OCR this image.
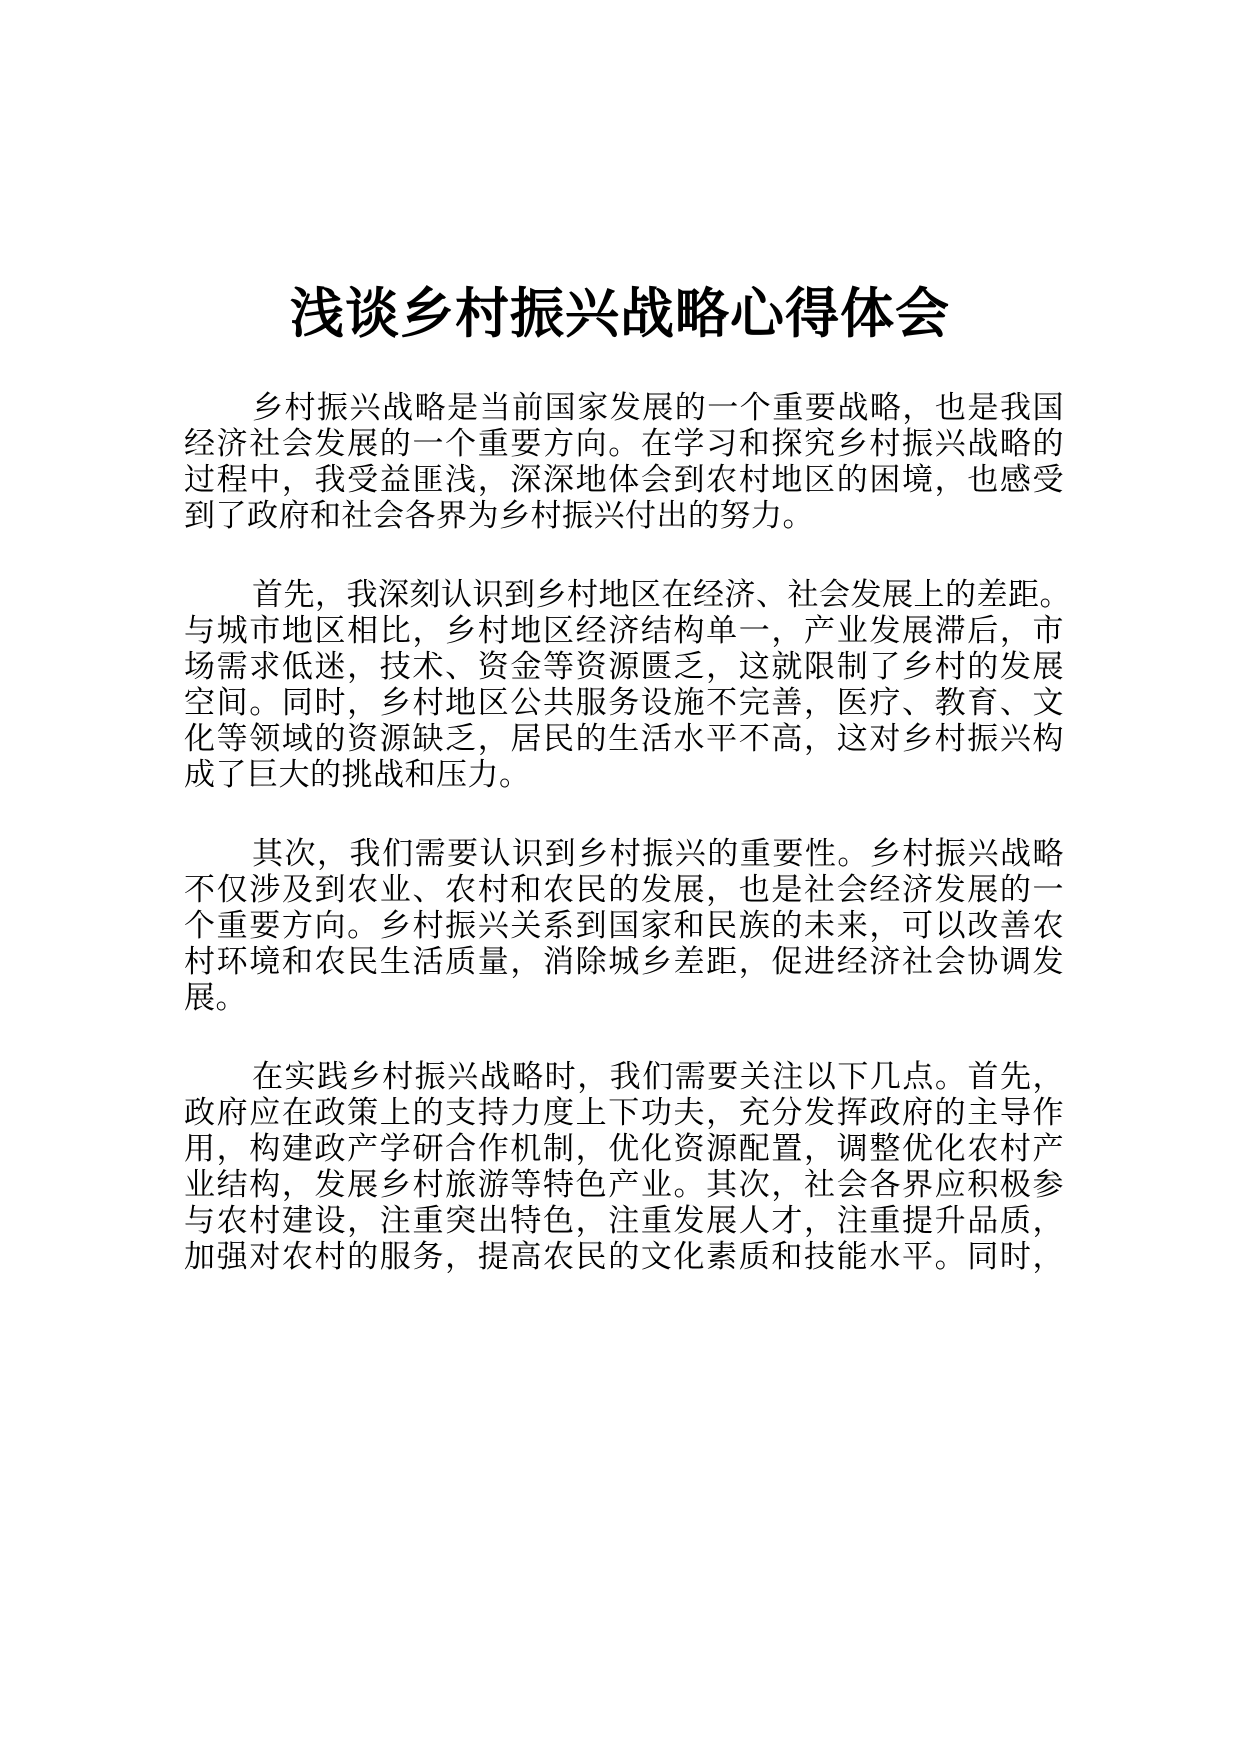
浅谈乡村振兴战略心得体会

乡村振兴战略是当前国家发展的一个重要战略，也是我国
经济社会发展的一个重要方向。在学习和探究乡村振兴战略的
过程中，我受益匪浅，深深地体会到农村地区的困境，也感受
到了政府和社会各界为乡村振兴付出的努力。

首先，我深刻认识到乡村地区在经济、社会发展上的差距。
与城市地区相比，乡村地区经济结构单一，产业发展滞后，市
场需求低迷，技术、资金等资源匮乏，这就限制了乡村的发展
空间。同时，乡村地区公共服务设施不完善，医疗、教育、文
化等领域的资源缺乏，居民的生活水平不高，这对乡村振兴构
成了巨大的挑战和压力。

其次，我们需要认识到乡村振兴的重要性。乡村振兴战略
不仅涉及到农业、农村和农民的发展，也是社会经济发展的一
个重要方向。乡村振兴关系到国家和民族的未来，可以改善农
村环境和农民生活质量，消除城乡差距，促进经济社会协调发
展。

在实践乡村振兴战略时，我们需要关注以下几点。首先，
政府应在政策上的支持力度上下功夫，充分发挥政府的主导作
用，构建政产学研合作机制，优化资源配置，调整优化农村产
业结构，发展乡村旅游等特色产业。其次，社会各界应积极参
与农村建设，注重突出特色，注重发展人才，注重提升品质，
加强对农村的服务，提高农民的文化素质和技能水平。同时，
